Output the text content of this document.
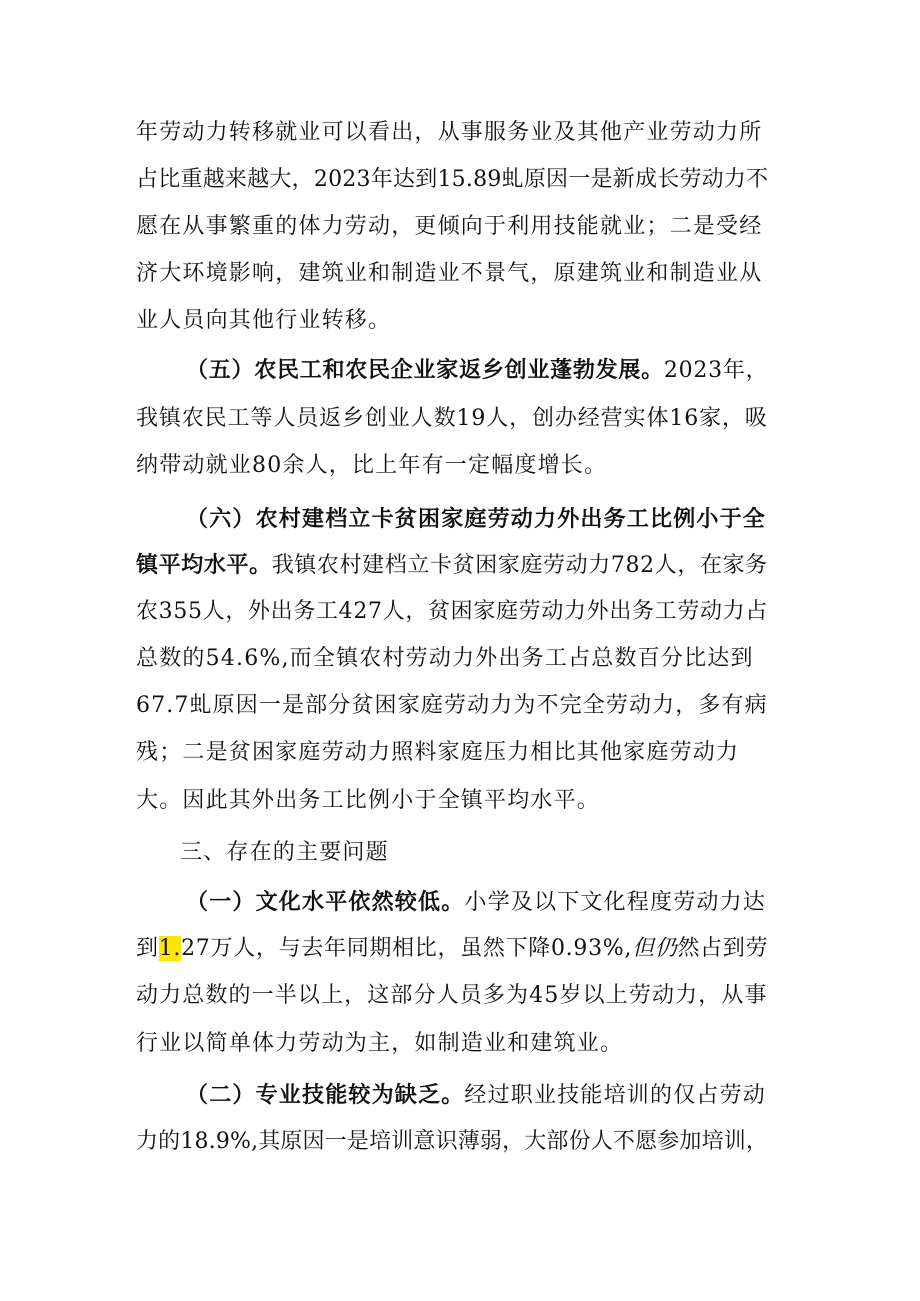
年劳动力转移就业可以看出，从事服务业及其他产业劳动力所
占比重越来越大，2023年达到15.89虬原因一是新成长劳动力不
愿在从事繁重的体力劳动，更倾向于利用技能就业；二是受经
济大环境影响，建筑业和制造业不景气，原建筑业和制造业从
业人员向其他行业转移。
（五）农民工和农民企业家返乡创业蓬勃发展。2023年，
我镇农民工等人员返乡创业人数19人，创办经营实体16家，吸
纳带动就业80余人，比上年有一定幅度增长。
（六）农村建档立卡贫困家庭劳动力外出务工比例小于全
镇平均水平。我镇农村建档立卡贫困家庭劳动力782人，在家务
农355人，外出务工427人，贫困家庭劳动力外出务工劳动力占
总数的54.6%,而全镇农村劳动力外出务工占总数百分比达到
67.7虬原因一是部分贫困家庭劳动力为不完全劳动力，多有病
残；二是贫困家庭劳动力照料家庭压力相比其他家庭劳动力
大。因此其外出务工比例小于全镇平均水平。
三、存在的主要问题
（一）文化水平依然较低。小学及以下文化程度劳动力达
到1.27万人，与去年同期相比，虽然下降0.93%,但仍然占到劳
动力总数的一半以上，这部分人员多为45岁以上劳动力，从事
行业以简单体力劳动为主，如制造业和建筑业。
（二）专业技能较为缺乏。经过职业技能培训的仅占劳动
力的18.9%,其原因一是培训意识薄弱，大部份人不愿参加培训，
